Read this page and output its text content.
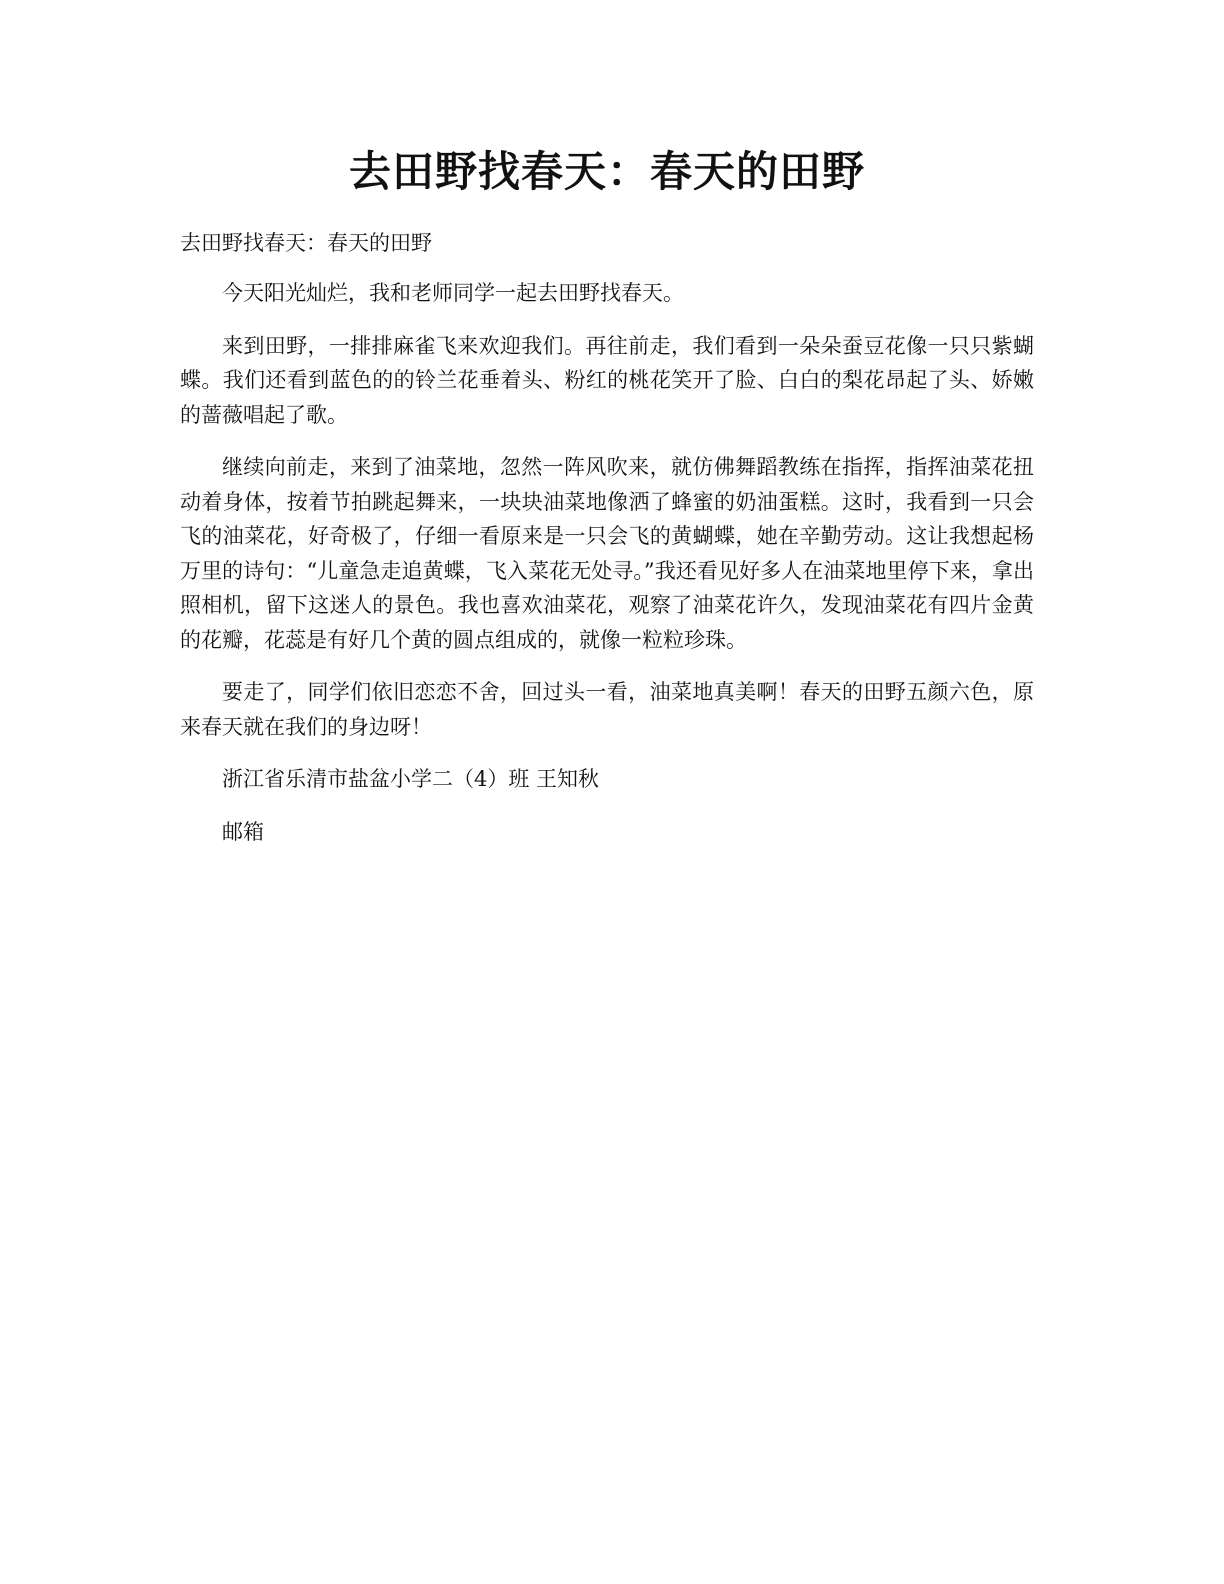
去田野找春天：春天的田野

去田野找春天：春天的田野

今天阳光灿烂，我和老师同学一起去田野找春天。

来到田野，一排排麻雀飞来欢迎我们。再往前走，我们看到一朵朵蚕豆花像一只只紫蝴蝶。我们还看到蓝色的的铃兰花垂着头、粉红的桃花笑开了脸、白白的梨花昂起了头、娇嫩的蔷薇唱起了歌。

继续向前走，来到了油菜地，忽然一阵风吹来，就仿佛舞蹈教练在指挥，指挥油菜花扭动着身体，按着节拍跳起舞来，一块块油菜地像洒了蜂蜜的奶油蛋糕。这时，我看到一只会飞的油菜花，好奇极了，仔细一看原来是一只会飞的黄蝴蝶，她在辛勤劳动。这让我想起杨万里的诗句：“儿童急走追黄蝶，飞入菜花无处寻。”我还看见好多人在油菜地里停下来，拿出照相机，留下这迷人的景色。我也喜欢油菜花，观察了油菜花许久，发现油菜花有四片金黄的花瓣，花蕊是有好几个黄的圆点组成的，就像一粒粒珍珠。

要走了，同学们依旧恋恋不舍，回过头一看，油菜地真美啊！春天的田野五颜六色，原来春天就在我们的身边呀！

浙江省乐清市盐盆小学二（4）班 王知秋

邮箱
